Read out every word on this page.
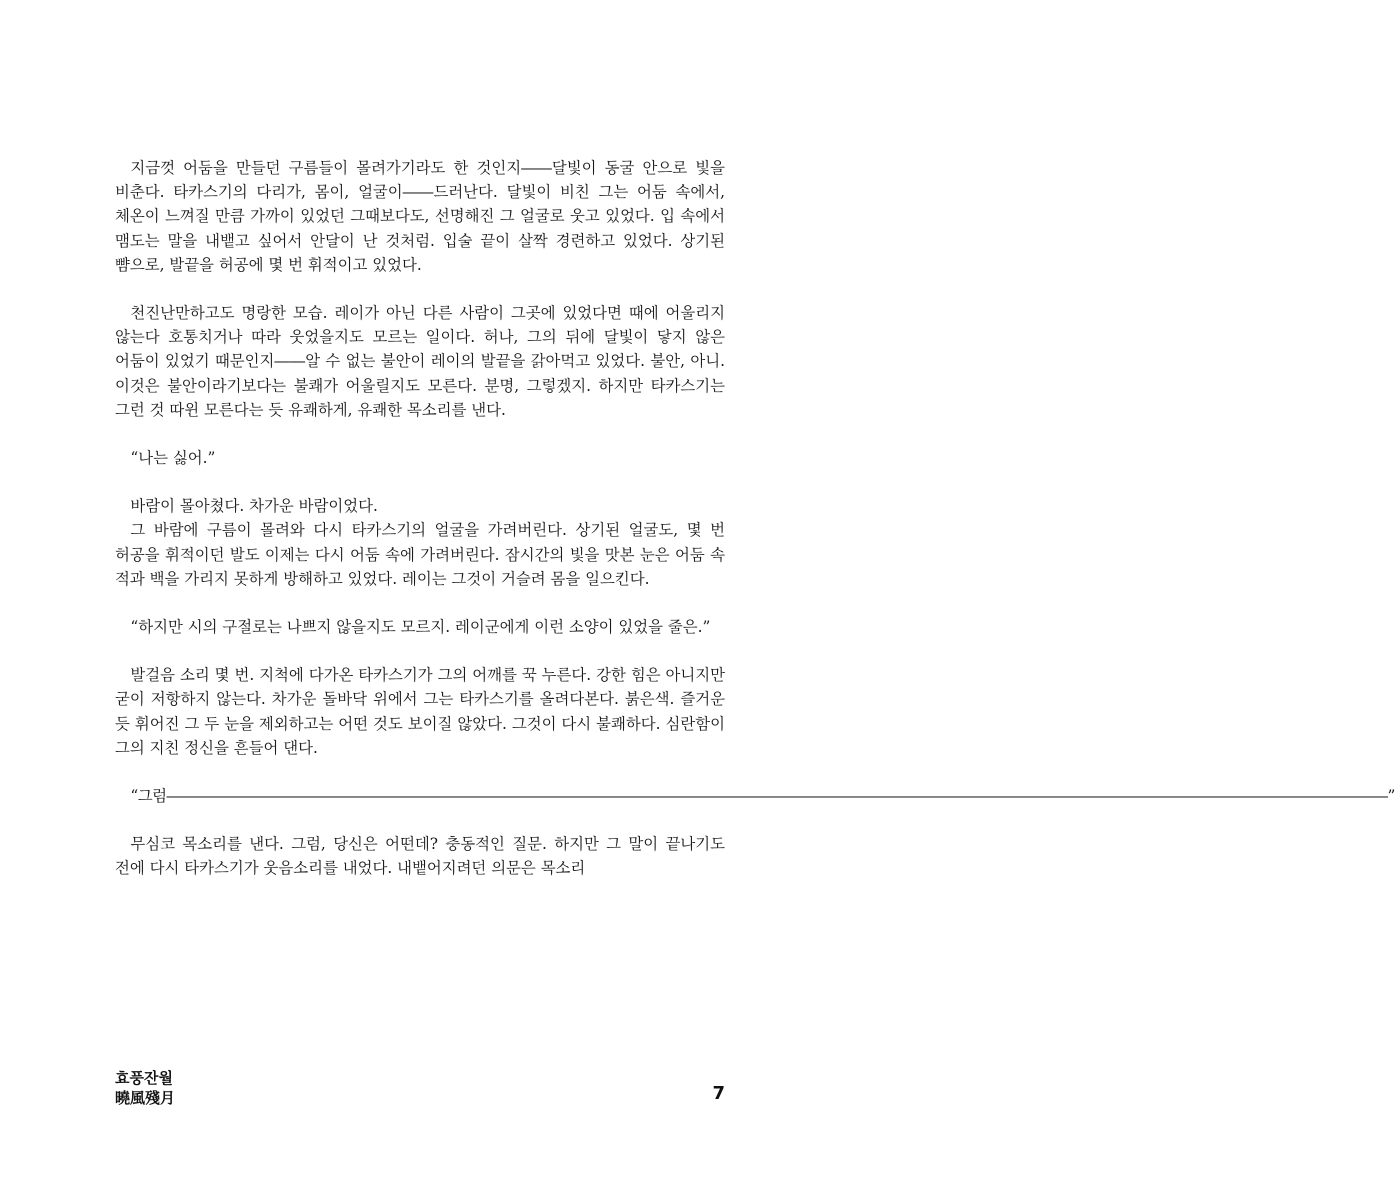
지금껏 어둠을 만들던 구름들이 몰려가기라도 한 것인지――달빛이 동굴 안으로 빛을 비춘다. 타카스기의 다리가, 몸이, 얼굴이――드러난다. 달빛이 비친 그는 어둠 속에서, 체온이 느껴질 만큼 가까이 있었던 그때보다도, 선명해진 그 얼굴로 웃고 있었다. 입 속에서 맴도는 말을 내뱉고 싶어서 안달이 난 것처럼. 입술 끝이 살짝 경련하고 있었다. 상기된 뺨으로, 발끝을 허공에 몇 번 휘적이고 있었다.

천진난만하고도 명랑한 모습. 레이가 아닌 다른 사람이 그곳에 있었다면 때에 어울리지 않는다 호통치거나 따라 웃었을지도 모르는 일이다. 허나, 그의 뒤에 달빛이 닿지 않은 어둠이 있었기 때문인지――알 수 없는 불안이 레이의 발끝을 갉아먹고 있었다. 불안, 아니. 이것은 불안이라기보다는 불쾌가 어울릴지도 모른다. 분명, 그렇겠지. 하지만 타카스기는 그런 것 따윈 모른다는 듯 유쾌하게, 유쾌한 목소리를 낸다.

“나는 싫어.”

바람이 몰아쳤다. 차가운 바람이었다.

그 바람에 구름이 몰려와 다시 타카스기의 얼굴을 가려버린다. 상기된 얼굴도, 몇 번 허공을 휘적이던 발도 이제는 다시 어둠 속에 가려버린다. 잠시간의 빛을 맛본 눈은 어둠 속 적과 백을 가리지 못하게 방해하고 있었다. 레이는 그것이 거슬려 몸을 일으킨다.

“하지만 시의 구절로는 나쁘지 않을지도 모르지. 레이군에게 이런 소양이 있었을 줄은.”

발걸음 소리 몇 번. 지척에 다가온 타카스기가 그의 어깨를 꾹 누른다. 강한 힘은 아니지만 굳이 저항하지 않는다. 차가운 돌바닥 위에서 그는 타카스기를 올려다본다. 붉은색. 즐거운 듯 휘어진 그 두 눈을 제외하고는 어떤 것도 보이질 않았다. 그것이 다시 불쾌하다. 심란함이 그의 지친 정신을 흔들어 댄다.

“그럼――――――――――――――――――――――――――――――――――――――――――――――――――――――――――――――――――――――――――――――――――”

무심코 목소리를 낸다. 그럼, 당신은 어떤데? 충동적인 질문. 하지만 그 말이 끝나기도 전에 다시 타카스기가 웃음소리를 내었다. 내뱉어지려던 의문은 목소리

효풍잔월
曉風殘月	7
